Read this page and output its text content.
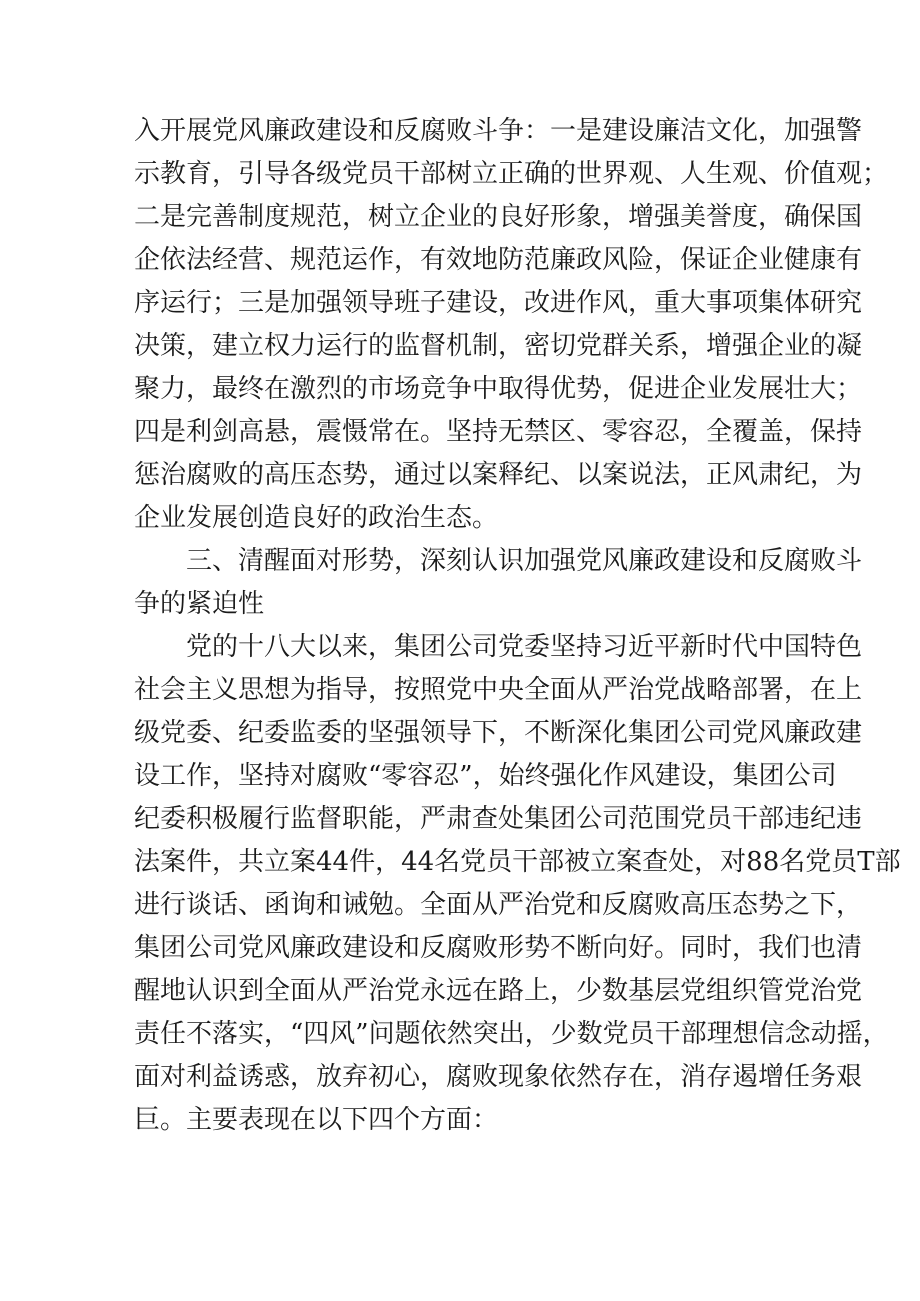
入开展党风廉政建设和反腐败斗争：一是建设廉洁文化，加强警
示教育，引导各级党员干部树立正确的世界观、人生观、价值观；
二是完善制度规范，树立企业的良好形象，增强美誉度，确保国
企依法经营、规范运作，有效地防范廉政风险，保证企业健康有
序运行；三是加强领导班子建设，改进作风，重大事项集体研究
决策，建立权力运行的监督机制，密切党群关系，增强企业的凝
聚力，最终在激烈的市场竞争中取得优势，促进企业发展壮大；
四是利剑高悬，震慑常在。坚持无禁区、零容忍，全覆盖，保持
惩治腐败的高压态势，通过以案释纪、以案说法，正风肃纪，为
企业发展创造良好的政治生态。
三、清醒面对形势，深刻认识加强党风廉政建设和反腐败斗
争的紧迫性
党的十八大以来，集团公司党委坚持习近平新时代中国特色
社会主义思想为指导，按照党中央全面从严治党战略部署，在上
级党委、纪委监委的坚强领导下，不断深化集团公司党风廉政建
设工作，坚持对腐败“零容忍”，始终强化作风建设，集团公司
纪委积极履行监督职能，严肃查处集团公司范围党员干部违纪违
法案件，共立案44件，44名党员干部被立案查处，对88名党员T部
进行谈话、函询和诫勉。全面从严治党和反腐败高压态势之下，
集团公司党风廉政建设和反腐败形势不断向好。同时，我们也清
醒地认识到全面从严治党永远在路上，少数基层党组织管党治党
责任不落实，“四风”问题依然突出，少数党员干部理想信念动摇，
面对利益诱惑，放弃初心，腐败现象依然存在，消存遏增任务艰
巨。主要表现在以下四个方面：
